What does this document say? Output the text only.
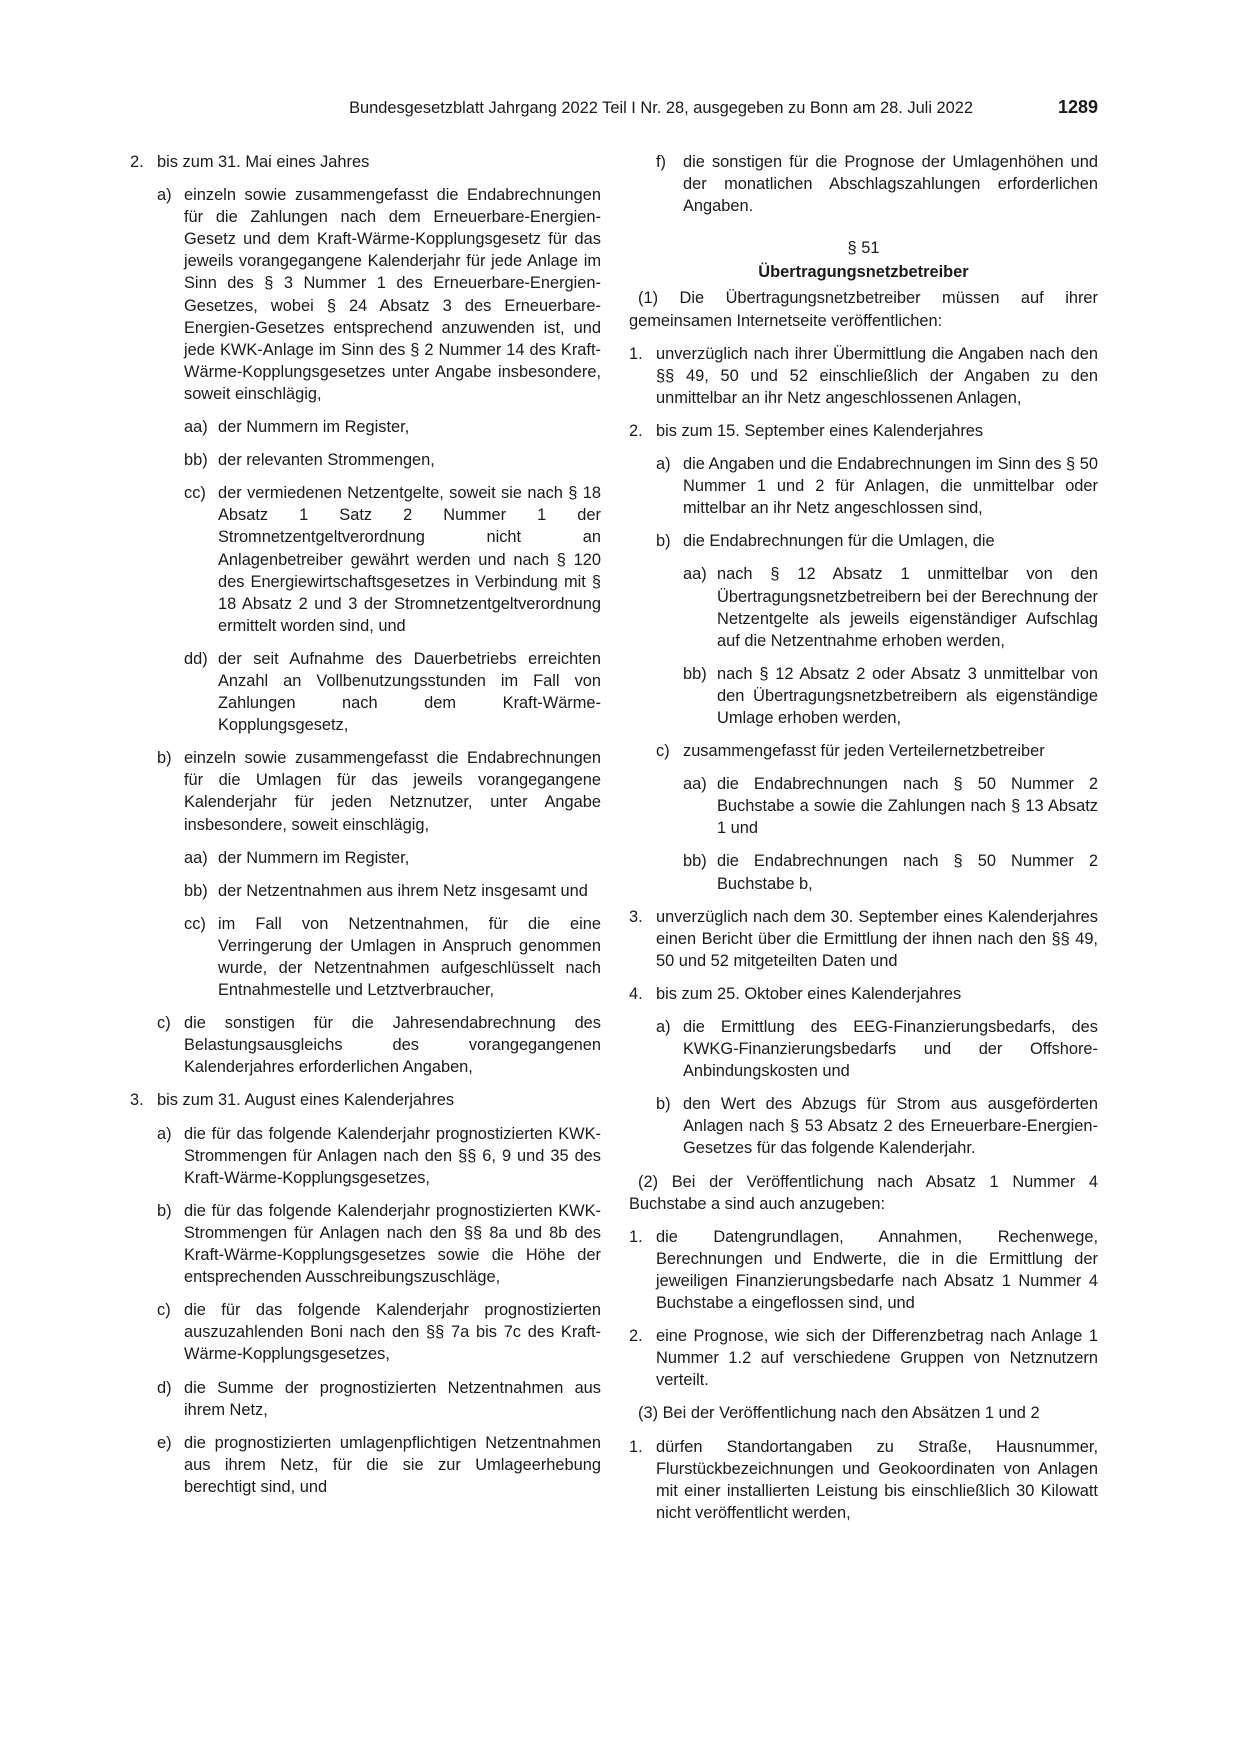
Bundesgesetzblatt Jahrgang 2022 Teil I Nr. 28, ausgegeben zu Bonn am 28. Juli 2022	1289
2. bis zum 31. Mai eines Jahres
a) einzeln sowie zusammengefasst die Endabrechnungen für die Zahlungen nach dem Erneuerbare-Energien-Gesetz und dem Kraft-Wärme-Kopplungsgesetz für das jeweils vorangegangene Kalenderjahr für jede Anlage im Sinn des § 3 Nummer 1 des Erneuerbare-Energien-Gesetzes, wobei § 24 Absatz 3 des Erneuerbare-Energien-Gesetzes entsprechend anzuwenden ist, und jede KWK-Anlage im Sinn des § 2 Nummer 14 des Kraft-Wärme-Kopplungsgesetzes unter Angabe insbesondere, soweit einschlägig,
aa) der Nummern im Register,
bb) der relevanten Strommengen,
cc) der vermiedenen Netzentgelte, soweit sie nach § 18 Absatz 1 Satz 2 Nummer 1 der Stromnetzentgeltverordnung nicht an Anlagenbetreiber gewährt werden und nach § 120 des Energiewirtschaftsgesetzes in Verbindung mit § 18 Absatz 2 und 3 der Stromnetzentgeltverordnung ermittelt worden sind, und
dd) der seit Aufnahme des Dauerbetriebs erreichten Anzahl an Vollbenutzungsstunden im Fall von Zahlungen nach dem Kraft-Wärme-Kopplungsgesetz,
b) einzeln sowie zusammengefasst die Endabrechnungen für die Umlagen für das jeweils vorangegangene Kalenderjahr für jeden Netznutzer, unter Angabe insbesondere, soweit einschlägig,
aa) der Nummern im Register,
bb) der Netzentnahmen aus ihrem Netz insgesamt und
cc) im Fall von Netzentnahmen, für die eine Verringerung der Umlagen in Anspruch genommen wurde, der Netzentnahmen aufgeschlüsselt nach Entnahmestelle und Letztverbraucher,
c) die sonstigen für die Jahresendabrechnung des Belastungsausgleichs des vorangegangenen Kalenderjahres erforderlichen Angaben,
3. bis zum 31. August eines Kalenderjahres
a) die für das folgende Kalenderjahr prognostizierten KWK-Strommengen für Anlagen nach den §§ 6, 9 und 35 des Kraft-Wärme-Kopplungsgesetzes,
b) die für das folgende Kalenderjahr prognostizierten KWK-Strommengen für Anlagen nach den §§ 8a und 8b des Kraft-Wärme-Kopplungsgesetzes sowie die Höhe der entsprechenden Ausschreibungszuschläge,
c) die für das folgende Kalenderjahr prognostizierten auszuzahlenden Boni nach den §§ 7a bis 7c des Kraft-Wärme-Kopplungsgesetzes,
d) die Summe der prognostizierten Netzentnahmen aus ihrem Netz,
e) die prognostizierten umlagenpflichtigen Netzentnahmen aus ihrem Netz, für die sie zur Umlageerhebung berechtigt sind, und
f)	die sonstigen für die Prognose der Umlagenhöhen und der monatlichen Abschlagszahlungen erforderlichen Angaben.
§ 51
Übertragungsnetzbetreiber
(1) Die Übertragungsnetzbetreiber müssen auf ihrer gemeinsamen Internetseite veröffentlichen:
1. unverzüglich nach ihrer Übermittlung die Angaben nach den §§ 49, 50 und 52 einschließlich der Angaben zu den unmittelbar an ihr Netz angeschlossenen Anlagen,
2. bis zum 15. September eines Kalenderjahres
a) die Angaben und die Endabrechnungen im Sinn des § 50 Nummer 1 und 2 für Anlagen, die unmittelbar oder mittelbar an ihr Netz angeschlossen sind,
b) die Endabrechnungen für die Umlagen, die
aa) nach § 12 Absatz 1 unmittelbar von den Übertragungsnetzbetreibern bei der Berechnung der Netzentgelte als jeweils eigenständiger Aufschlag auf die Netzentnahme erhoben werden,
bb) nach § 12 Absatz 2 oder Absatz 3 unmittelbar von den Übertragungsnetzbetreibern als eigenständige Umlage erhoben werden,
c) zusammengefasst für jeden Verteilernetzbetreiber
aa) die Endabrechnungen nach § 50 Nummer 2 Buchstabe a sowie die Zahlungen nach § 13 Absatz 1 und
bb) die Endabrechnungen nach § 50 Nummer 2 Buchstabe b,
3. unverzüglich nach dem 30. September eines Kalenderjahres einen Bericht über die Ermittlung der ihnen nach den §§ 49, 50 und 52 mitgeteilten Daten und
4. bis zum 25. Oktober eines Kalenderjahres
a) die Ermittlung des EEG-Finanzierungsbedarfs, des KWKG-Finanzierungsbedarfs und der Offshore-Anbindungskosten und
b) den Wert des Abzugs für Strom aus ausgeförderten Anlagen nach § 53 Absatz 2 des Erneuerbare-Energien-Gesetzes für das folgende Kalenderjahr.
(2) Bei der Veröffentlichung nach Absatz 1 Nummer 4 Buchstabe a sind auch anzugeben:
1. die Datengrundlagen, Annahmen, Rechenwege, Berechnungen und Endwerte, die in die Ermittlung der jeweiligen Finanzierungsbedarfe nach Absatz 1 Nummer 4 Buchstabe a eingeflossen sind, und
2. eine Prognose, wie sich der Differenzbetrag nach Anlage 1 Nummer 1.2 auf verschiedene Gruppen von Netznutzern verteilt.
(3) Bei der Veröffentlichung nach den Absätzen 1 und 2
1. dürfen Standortangaben zu Straße, Hausnummer, Flurstückbezeichnungen und Geokoordinaten von Anlagen mit einer installierten Leistung bis einschließlich 30 Kilowatt nicht veröffentlicht werden,
